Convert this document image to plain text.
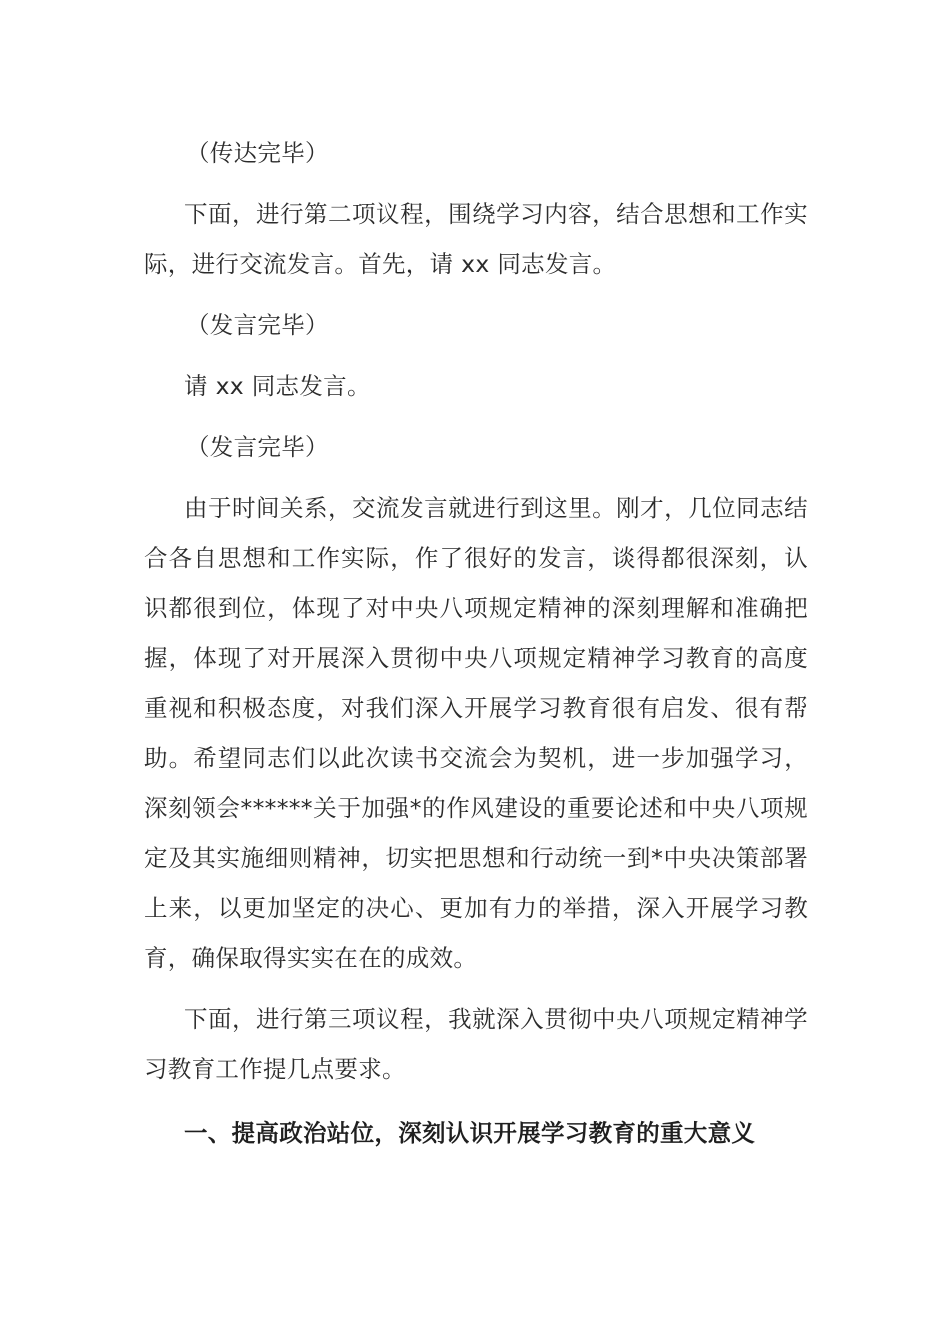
（传达完毕）

下面，进行第二项议程，围绕学习内容，结合思想和工作实际，进行交流发言。首先，请 xx 同志发言。

（发言完毕）

请 xx 同志发言。

（发言完毕）

由于时间关系，交流发言就进行到这里。刚才，几位同志结合各自思想和工作实际，作了很好的发言，谈得都很深刻，认识都很到位，体现了对中央八项规定精神的深刻理解和准确把握，体现了对开展深入贯彻中央八项规定精神学习教育的高度重视和积极态度，对我们深入开展学习教育很有启发、很有帮助。希望同志们以此次读书交流会为契机，进一步加强学习，深刻领会******关于加强*的作风建设的重要论述和中央八项规定及其实施细则精神，切实把思想和行动统一到*中央决策部署上来，以更加坚定的决心、更加有力的举措，深入开展学习教育，确保取得实实在在的成效。

下面，进行第三项议程，我就深入贯彻中央八项规定精神学习教育工作提几点要求。

一、提高政治站位，深刻认识开展学习教育的重大意义
